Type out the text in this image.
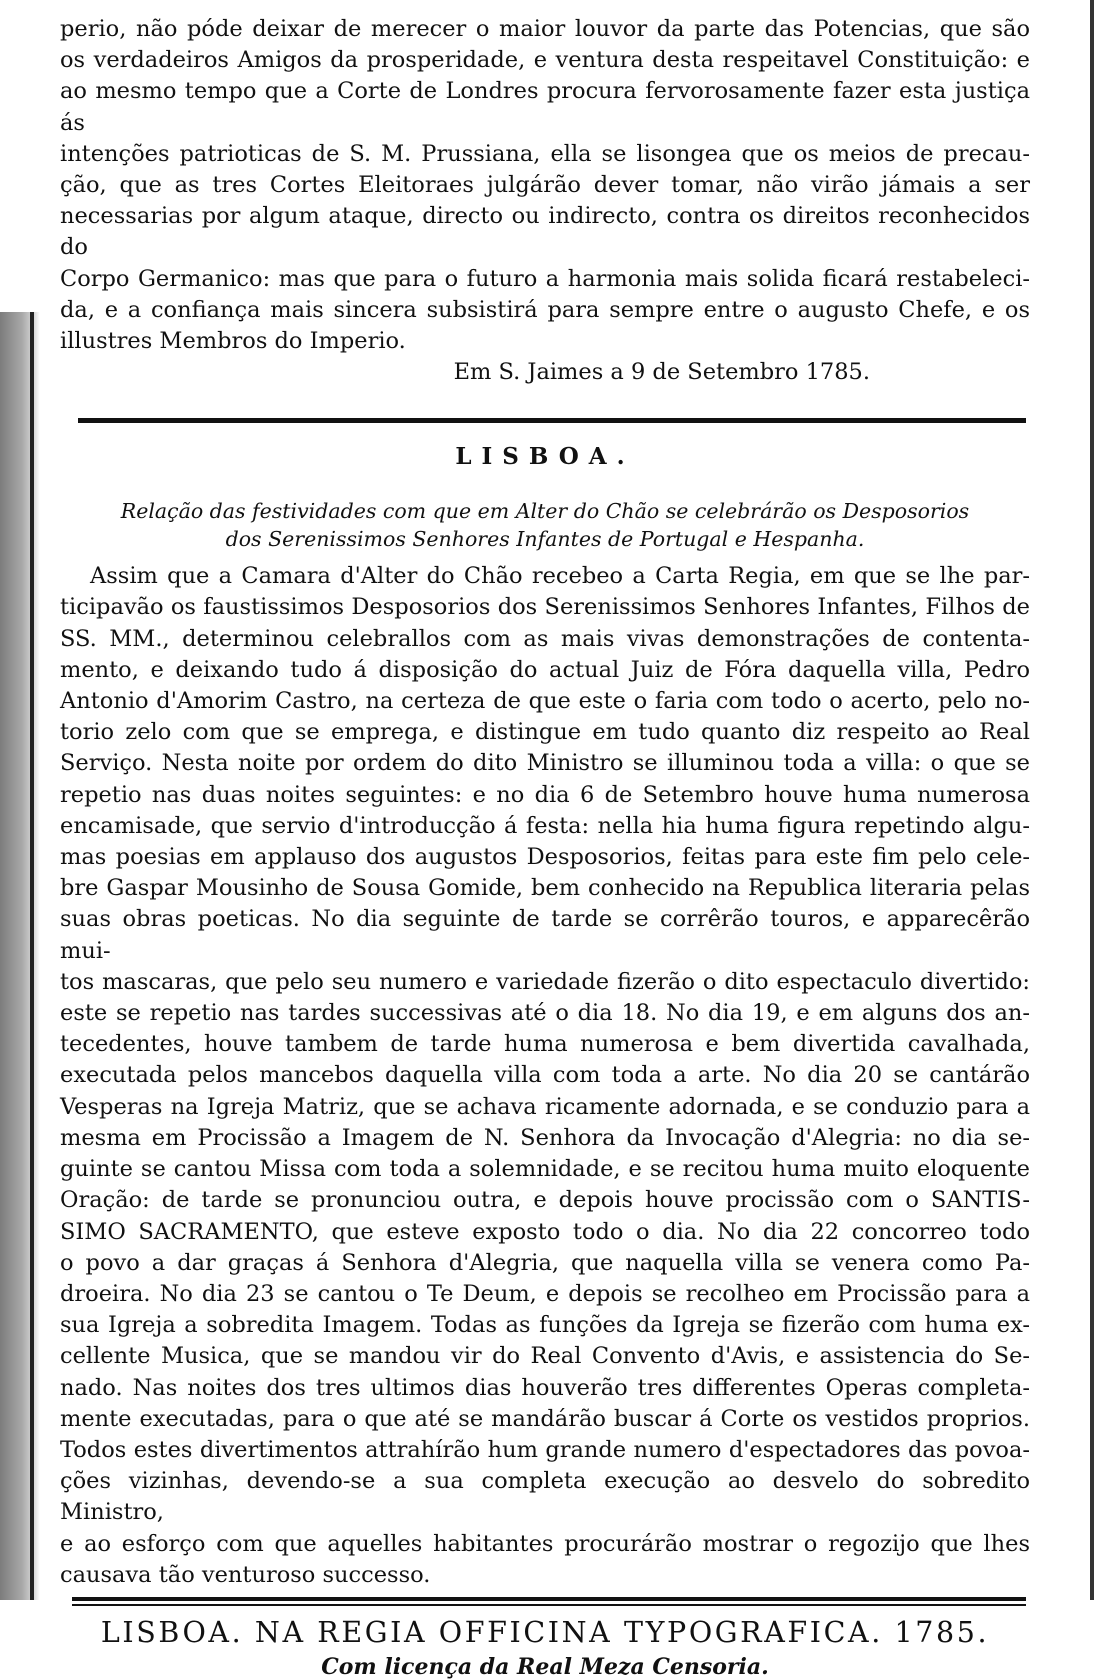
perio, não póde deixar de merecer o maior louvor da parte das Potencias, que são
os verdadeiros Amigos da prosperidade, e ventura desta respeitavel Constituição: e
ao mesmo tempo que a Corte de Londres procura fervorosamente fazer esta justiça ás
intenções patrioticas de S. M. Prussiana, ella se lisongea que os meios de precau-
ção, que as tres Cortes Eleitoraes julgárão dever tomar, não virão jámais a ser
necessarias por algum ataque, directo ou indirecto, contra os direitos reconhecidos do
Corpo Germanico: mas que para o futuro a harmonia mais solida ficará restabeleci-
da, e a confiança mais sincera subsistirá para sempre entre o augusto Chefe, e os
illustres Membros do Imperio.

Em S. Jaimes a 9 de Setembro 1785.

LISBOA.
Relação das festividades com que em Alter do Chão se celebrárão os Desposorios
dos Serenissimos Senhores Infantes de Portugal e Hespanha.
Assim que a Camara d'Alter do Chão recebeo a Carta Regia, em que se lhe par-
ticipavão os faustissimos Desposorios dos Serenissimos Senhores Infantes, Filhos de
SS. MM., determinou celebrallos com as mais vivas demonstrações de contenta-
mento, e deixando tudo á disposição do actual Juiz de Fóra daquella villa, Pedro
Antonio d'Amorim Castro, na certeza de que este o faria com todo o acerto, pelo no-
torio zelo com que se emprega, e distingue em tudo quanto diz respeito ao Real
Serviço. Nesta noite por ordem do dito Ministro se illuminou toda a villa: o que se
repetio nas duas noites seguintes: e no dia 6 de Setembro houve huma numerosa
encamisade, que servio d'introducção á festa: nella hia huma figura repetindo algu-
mas poesias em applauso dos augustos Desposorios, feitas para este fim pelo cele-
bre Gaspar Mousinho de Sousa Gomide, bem conhecido na Republica literaria pelas
suas obras poeticas. No dia seguinte de tarde se corrêrão touros, e apparecêrão mui-
tos mascaras, que pelo seu numero e variedade fizerão o dito espectaculo divertido:
este se repetio nas tardes successivas até o dia 18. No dia 19, e em alguns dos an-
tecedentes, houve tambem de tarde huma numerosa e bem divertida cavalhada,
executada pelos mancebos daquella villa com toda a arte. No dia 20 se cantárão
Vesperas na Igreja Matriz, que se achava ricamente adornada, e se conduzio para a
mesma em Procissão a Imagem de N. Senhora da Invocação d'Alegria: no dia se-
guinte se cantou Missa com toda a solemnidade, e se recitou huma muito eloquente
Oração: de tarde se pronunciou outra, e depois houve procissão com o SANTIS-
SIMO SACRAMENTO, que esteve exposto todo o dia. No dia 22 concorreo todo
o povo a dar graças á Senhora d'Alegria, que naquella villa se venera como Pa-
droeira. No dia 23 se cantou o Te Deum, e depois se recolheo em Procissão para a
sua Igreja a sobredita Imagem. Todas as funções da Igreja se fizerão com huma ex-
cellente Musica, que se mandou vir do Real Convento d'Avis, e assistencia do Se-
nado. Nas noites dos tres ultimos dias houverão tres differentes Operas completa-
mente executadas, para o que até se mandárão buscar á Corte os vestidos proprios.
Todos estes divertimentos attrahírão hum grande numero d'espectadores das povoa-
ções vizinhas, devendo-se a sua completa execução ao desvelo do sobredito Ministro,
e ao esforço com que aquelles habitantes procurárão mostrar o regozijo que lhes
causava tão venturoso successo.

LISBOA. NA REGIA OFFICINA TYPOGRAFICA. 1785.

Com licença da Real Meza Censoria.
